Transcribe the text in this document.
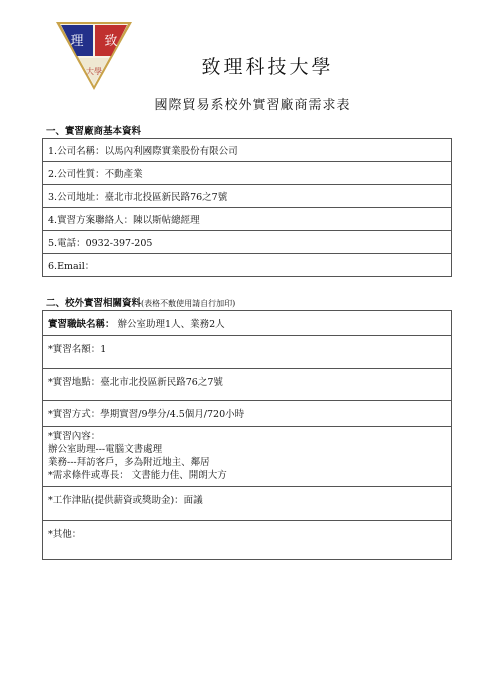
理 致
大學	致理科技大學
國際貿易系校外實習廠商需求表
一、實習廠商基本資料
1.公司名稱：以馬內利國際實業股份有限公司
2.公司性質：不動產業
3.公司地址：臺北市北投區新民路76之7號
4.實習方案聯絡人：陳以斯帖總經理
5.電話：0932-397-205
6.Email：
二、校外實習相關資料(表格不敷使用請自行加印)
實習職缺名稱： 辦公室助理1人、業務2人
*實習名額：1
*實習地點：臺北市北投區新民路76之7號
*實習方式：學期實習/9學分/4.5個月/720小時

*實習內容：
辦公室助理---電腦文書處理
業務---拜訪客戶，多為附近地主、鄰居
*需求條件或專長： 文書能力佳、開朗大方

*工作津貼(提供薪資或獎助金)：面議
*其他：
